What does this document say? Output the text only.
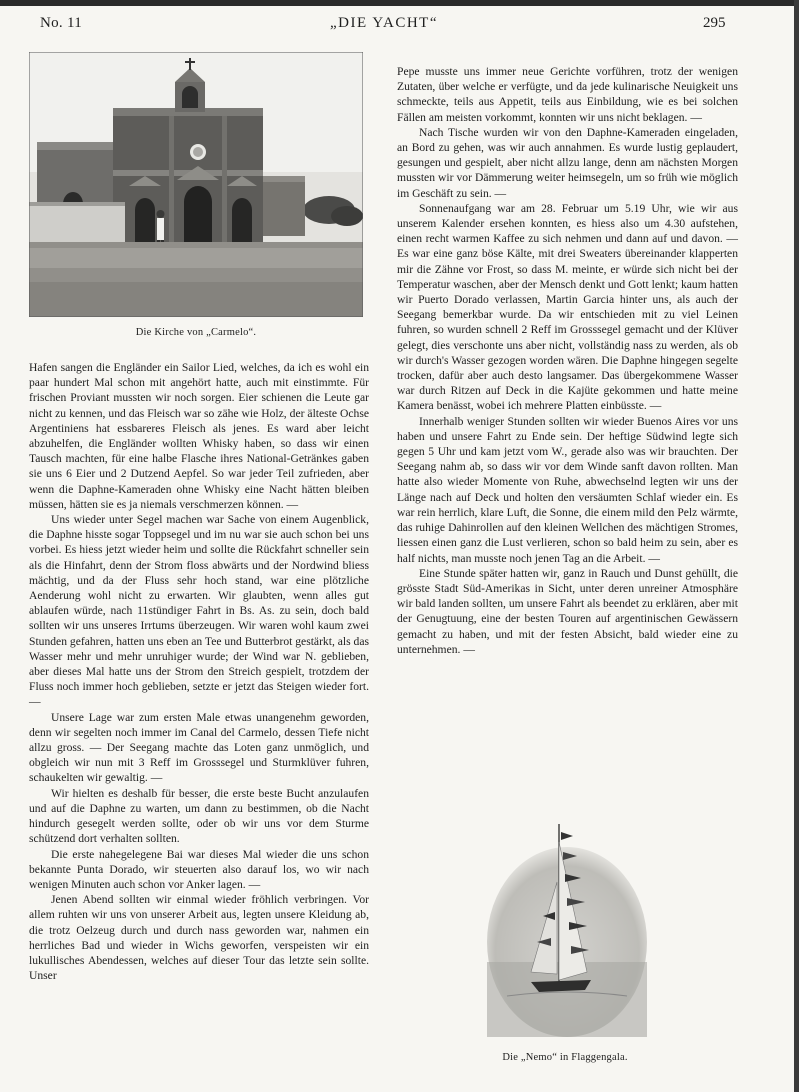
No. 11	„DIE YACHT“	295
Die Kirche von „Carmelo“.

Hafen sangen die Engländer ein Sailor Lied, welches, da ich es wohl ein paar hundert Mal schon mit angehört hatte, auch mit einstimmte. Für frischen Proviant mussten wir noch sorgen. Eier schienen die Leute gar nicht zu kennen, und das Fleisch war so zähe wie Holz, der älteste Ochse Argentiniens hat essbareres Fleisch als jenes. Es ward aber leicht abzuhelfen, die Engländer wollten Whisky haben, so dass wir einen Tausch machten, für eine halbe Flasche ihres National-Getränkes gaben sie uns 6 Eier und 2 Dutzend Aepfel. So war jeder Teil zufrieden, aber wenn die Daphne-Kameraden ohne Whisky eine Nacht hätten bleiben müssen, hätten sie es ja niemals verschmerzen können. —

Uns wieder unter Segel machen war Sache von einem Augenblick, die Daphne hisste sogar Toppsegel und im nu war sie auch schon bei uns vorbei. Es hiess jetzt wieder heim und sollte die Rückfahrt schneller sein als die Hinfahrt, denn der Strom floss abwärts und der Nordwind bliess mächtig, und da der Fluss sehr hoch stand, war eine plötzliche Aenderung wohl nicht zu erwarten. Wir glaubten, wenn alles gut ablaufen würde, nach 11stündiger Fahrt in Bs. As. zu sein, doch bald sollten wir uns unseres Irrtums überzeugen. Wir waren wohl kaum zwei Stunden gefahren, hatten uns eben an Tee und Butterbrot gestärkt, als das Wasser mehr und mehr unruhiger wurde; der Wind war N. geblieben, aber dieses Mal hatte uns der Strom den Streich gespielt, trotzdem der Fluss noch immer hoch geblieben, setzte er jetzt das Steigen wieder fort. —

Unsere Lage war zum ersten Male etwas unangenehm geworden, denn wir segelten noch immer im Canal del Carmelo, dessen Tiefe nicht allzu gross. — Der Seegang machte das Loten ganz unmöglich, und obgleich wir nun mit 3 Reff im Grosssegel und Sturmklüver fuhren, schaukelten wir gewaltig. —

Wir hielten es deshalb für besser, die erste beste Bucht anzulaufen und auf die Daphne zu warten, um dann zu bestimmen, ob die Nacht hindurch gesegelt werden sollte, oder ob wir uns vor dem Sturme schützend dort verhalten sollten.

Die erste nahegelegene Bai war dieses Mal wieder die uns schon bekannte Punta Dorado, wir steuerten also darauf los, wo wir nach wenigen Minuten auch schon vor Anker lagen. —

Jenen Abend sollten wir einmal wieder fröhlich verbringen. Vor allem ruhten wir uns von unserer Arbeit aus, legten unsere Kleidung ab, die trotz Oelzeug durch und durch nass geworden war, nahmen ein herrliches Bad und wieder in Wichs geworfen, verspeisten wir ein lukullisches Abendessen, welches auf dieser Tour das letzte sein sollte. Unser

Pepe musste uns immer neue Gerichte vorführen, trotz der wenigen Zutaten, über welche er verfügte, und da jede kulinarische Neuigkeit uns schmeckte, teils aus Appetit, teils aus Einbildung, wie es bei solchen Fällen am meisten vorkommt, konnten wir uns nicht beklagen. —

Nach Tische wurden wir von den Daphne-Kameraden eingeladen, an Bord zu gehen, was wir auch annahmen. Es wurde lustig geplaudert, gesungen und gespielt, aber nicht allzu lange, denn am nächsten Morgen mussten wir vor Dämmerung weiter heimsegeln, um so früh wie möglich im Geschäft zu sein. —

Sonnenaufgang war am 28. Februar um 5.19 Uhr, wie wir aus unserem Kalender ersehen konnten, es hiess also um 4.30 aufstehen, einen recht warmen Kaffee zu sich nehmen und dann auf und davon. — Es war eine ganz böse Kälte, mit drei Sweaters übereinander klapperten mir die Zähne vor Frost, so dass M. meinte, er würde sich nicht bei der Temperatur waschen, aber der Mensch denkt und Gott lenkt; kaum hatten wir Puerto Dorado verlassen, Martin Garcia hinter uns, als auch der Seegang bemerkbar wurde. Da wir entschieden mit zu viel Leinen fuhren, so wurden schnell 2 Reff im Grosssegel gemacht und der Klüver gelegt, dies verschonte uns aber nicht, vollständig nass zu werden, als ob wir durch's Wasser gezogen worden wären. Die Daphne hingegen segelte trocken, dafür aber auch desto langsamer. Das übergekommene Wasser war durch Ritzen auf Deck in die Kajüte gekommen und hatte meine Kamera benässt, wobei ich mehrere Platten einbüsste. —

Innerhalb weniger Stunden sollten wir wieder Buenos Aires vor uns haben und unsere Fahrt zu Ende sein. Der heftige Südwind legte sich gegen 5 Uhr und kam jetzt vom W., gerade also was wir brauchten. Der Seegang nahm ab, so dass wir vor dem Winde sanft davon rollten. Man hatte also wieder Momente von Ruhe, abwechselnd legten wir uns der Länge nach auf Deck und holten den versäumten Schlaf wieder ein. Es war rein herrlich, klare Luft, die Sonne, die einem mild den Pelz wärmte, das ruhige Dahinrollen auf den kleinen Wellchen des mächtigen Stromes, liessen einen ganz die Lust verlieren, schon so bald heim zu sein, aber es half nichts, man musste noch jenen Tag an die Arbeit. —

Eine Stunde später hatten wir, ganz in Rauch und Dunst gehüllt, die grösste Stadt Süd-Amerikas in Sicht, unter deren unreiner Atmosphäre wir bald landen sollten, um unsere Fahrt als beendet zu erklären, aber mit der Genugtuung, eine der besten Touren auf argentinischen Gewässern gemacht zu haben, und mit der festen Absicht, bald wieder eine zu unternehmen. —

Die „Nemo“ in Flaggengala.
